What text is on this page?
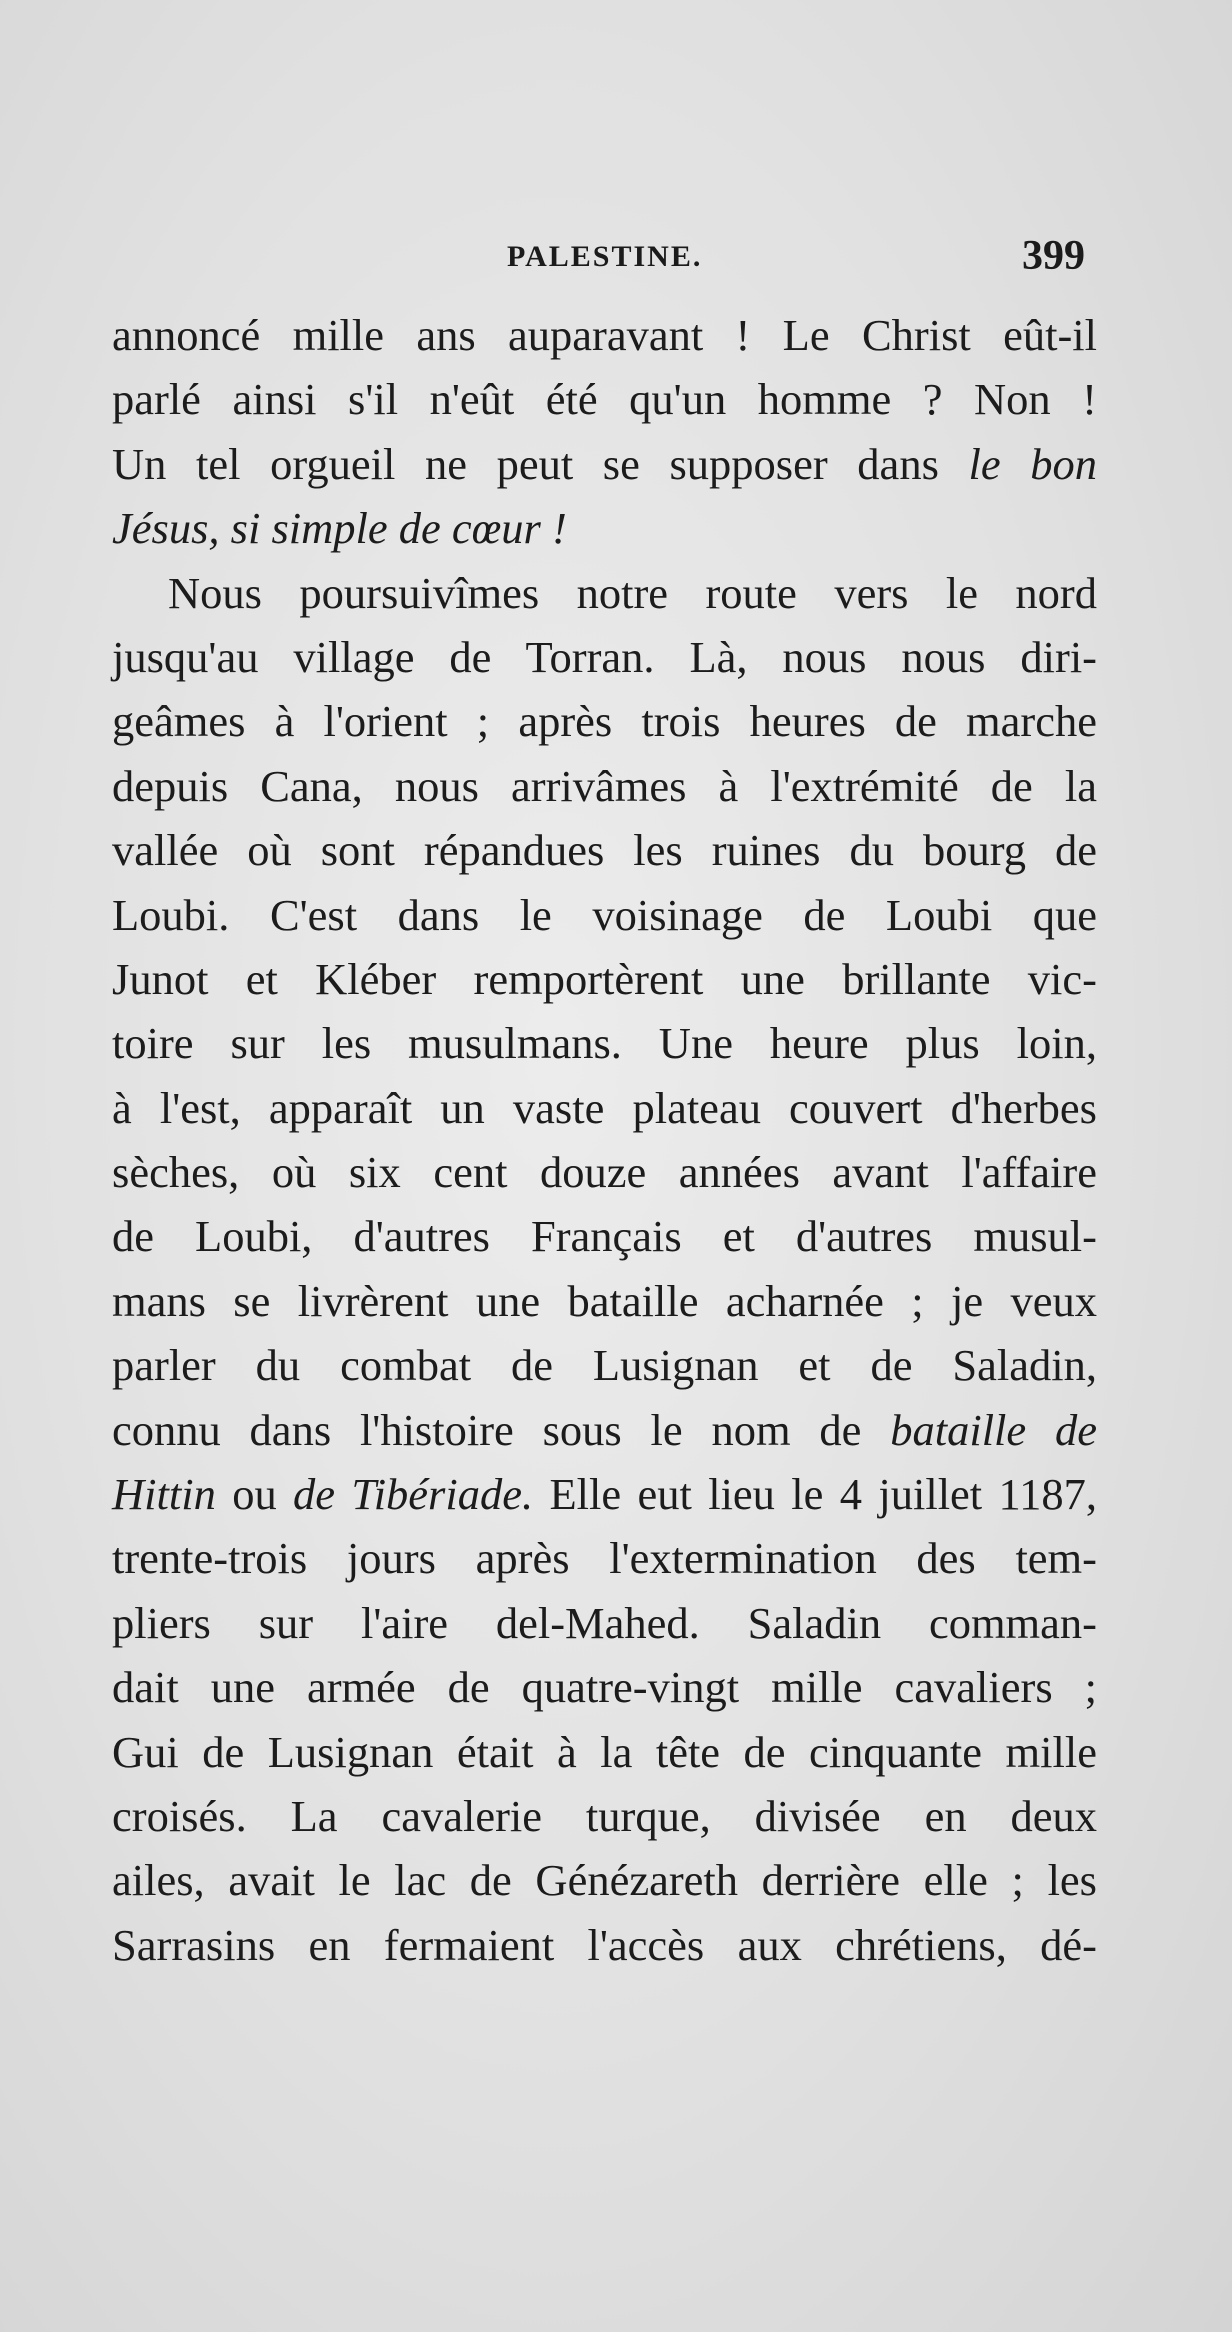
PALESTINE.	399
annoncé mille ans auparavant ! Le Christ eût-il
parlé ainsi s'il n'eût été qu'un homme ? Non !
Un tel orgueil ne peut se supposer dans le bon
Jésus, si simple de cœur !
Nous poursuivîmes notre route vers le nord
jusqu'au village de Torran. Là, nous nous diri-
geâmes à l'orient ; après trois heures de marche
depuis Cana, nous arrivâmes à l'extrémité de la
vallée où sont répandues les ruines du bourg de
Loubi. C'est dans le voisinage de Loubi que
Junot et Kléber remportèrent une brillante vic-
toire sur les musulmans. Une heure plus loin,
à l'est, apparaît un vaste plateau couvert d'herbes
sèches, où six cent douze années avant l'affaire
de Loubi, d'autres Français et d'autres musul-
mans se livrèrent une bataille acharnée ; je veux
parler du combat de Lusignan et de Saladin,
connu dans l'histoire sous le nom de bataille de
Hittin ou de Tibériade. Elle eut lieu le 4 juillet 1187,
trente-trois jours après l'extermination des tem-
pliers sur l'aire del-Mahed. Saladin comman-
dait une armée de quatre-vingt mille cavaliers ;
Gui de Lusignan était à la tête de cinquante mille
croisés. La cavalerie turque, divisée en deux
ailes, avait le lac de Génézareth derrière elle ; les
Sarrasins en fermaient l'accès aux chrétiens, dé-
